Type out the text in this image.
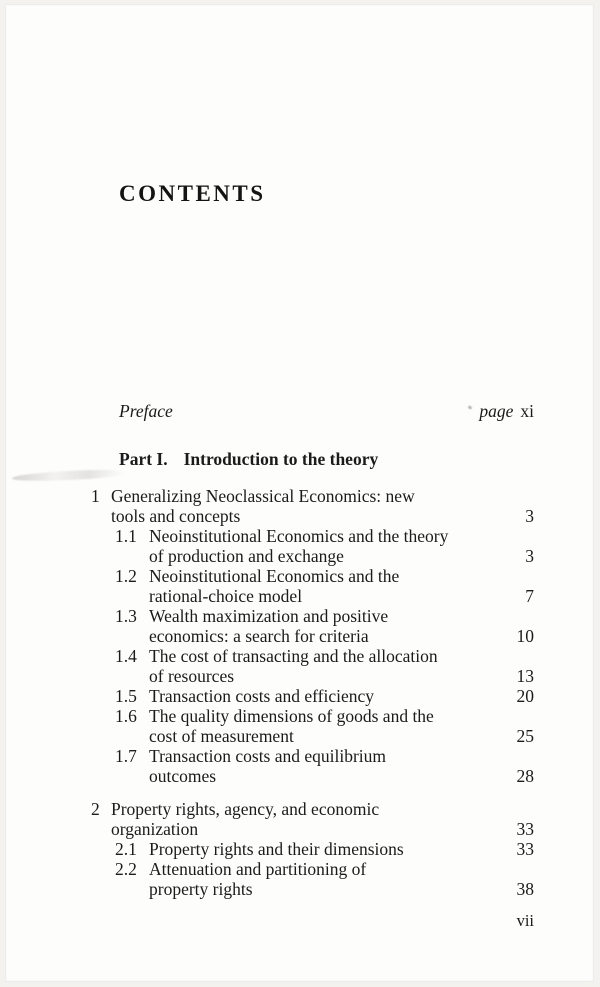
CONTENTS
Preface	page xi
Part I. Introduction to the theory
1 Generalizing Neoclassical Economics: new
tools and concepts	3
1.1 Neoinstitutional Economics and the theory
of production and exchange	3
1.2 Neoinstitutional Economics and the
rational-choice model	7
1.3 Wealth maximization and positive
economics: a search for criteria	10
1.4 The cost of transacting and the allocation
of resources	13
1.5 Transaction costs and efficiency	20
1.6 The quality dimensions of goods and the
cost of measurement	25
1.7 Transaction costs and equilibrium
outcomes	28
2 Property rights, agency, and economic
organization	33
2.1 Property rights and their dimensions	33
2.2 Attenuation and partitioning of
property rights	38
vii
